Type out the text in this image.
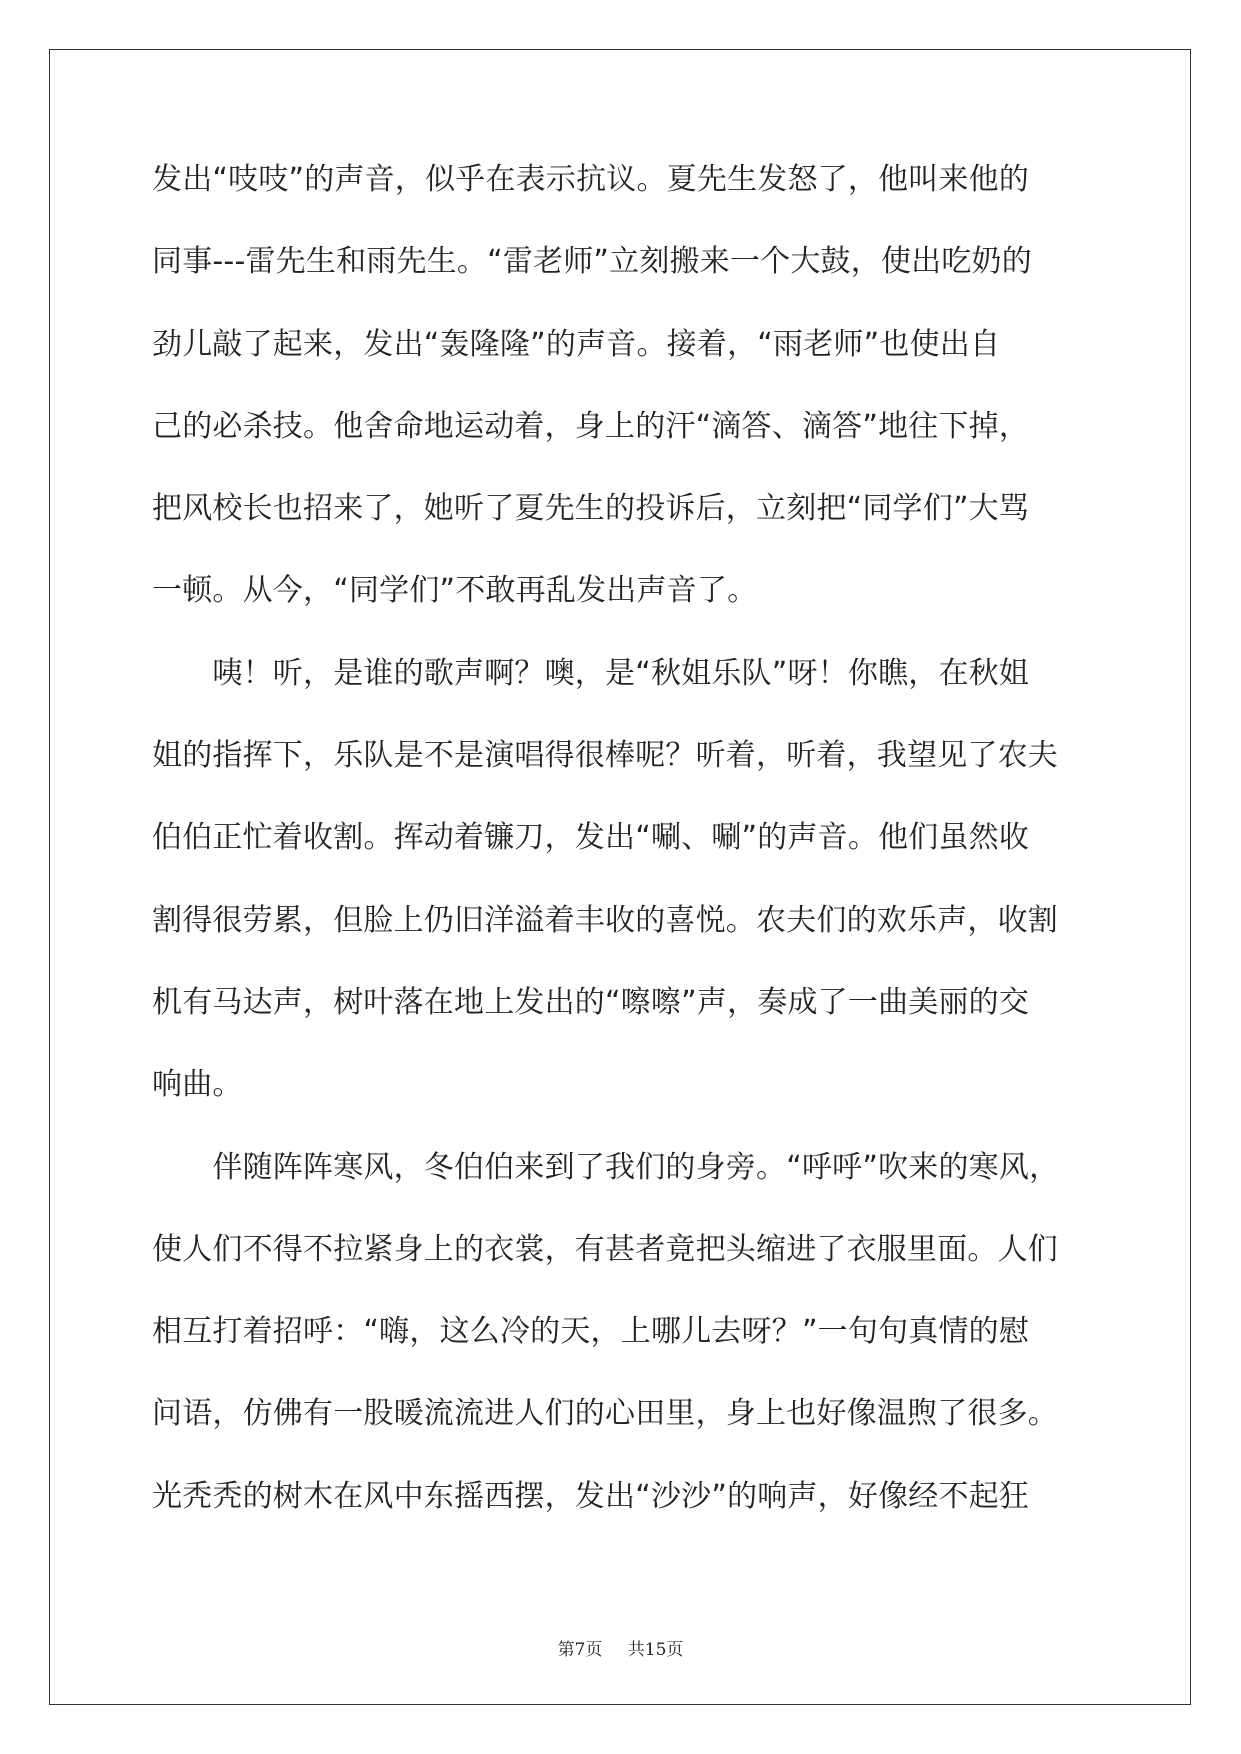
发出“吱吱”的声音，似乎在表示抗议。夏先生发怒了，他叫来他的
同事---雷先生和雨先生。“雷老师”立刻搬来一个大鼓，使出吃奶的
劲儿敲了起来，发出“轰隆隆”的声音。接着，“雨老师”也使出自
己的必杀技。他舍命地运动着，身上的汗“滴答、滴答”地往下掉，
把风校长也招来了，她听了夏先生的投诉后，立刻把“同学们”大骂
一顿。从今，“同学们”不敢再乱发出声音了。
　　咦！听，是谁的歌声啊？噢，是“秋姐乐队”呀！你瞧，在秋姐
姐的指挥下，乐队是不是演唱得很棒呢？听着，听着，我望见了农夫
伯伯正忙着收割。挥动着镰刀，发出“唰、唰”的声音。他们虽然收
割得很劳累，但脸上仍旧洋溢着丰收的喜悦。农夫们的欢乐声，收割
机有马达声，树叶落在地上发出的“嚓嚓”声，奏成了一曲美丽的交
响曲。
　　伴随阵阵寒风，冬伯伯来到了我们的身旁。“呼呼”吹来的寒风，
使人们不得不拉紧身上的衣裳，有甚者竟把头缩进了衣服里面。人们
相互打着招呼：“嗨，这么冷的天，上哪儿去呀？”一句句真情的慰
问语，仿佛有一股暖流流进人们的心田里，身上也好像温煦了很多。
光秃秃的树木在风中东摇西摆，发出“沙沙”的响声，好像经不起狂
第7页 共15页
